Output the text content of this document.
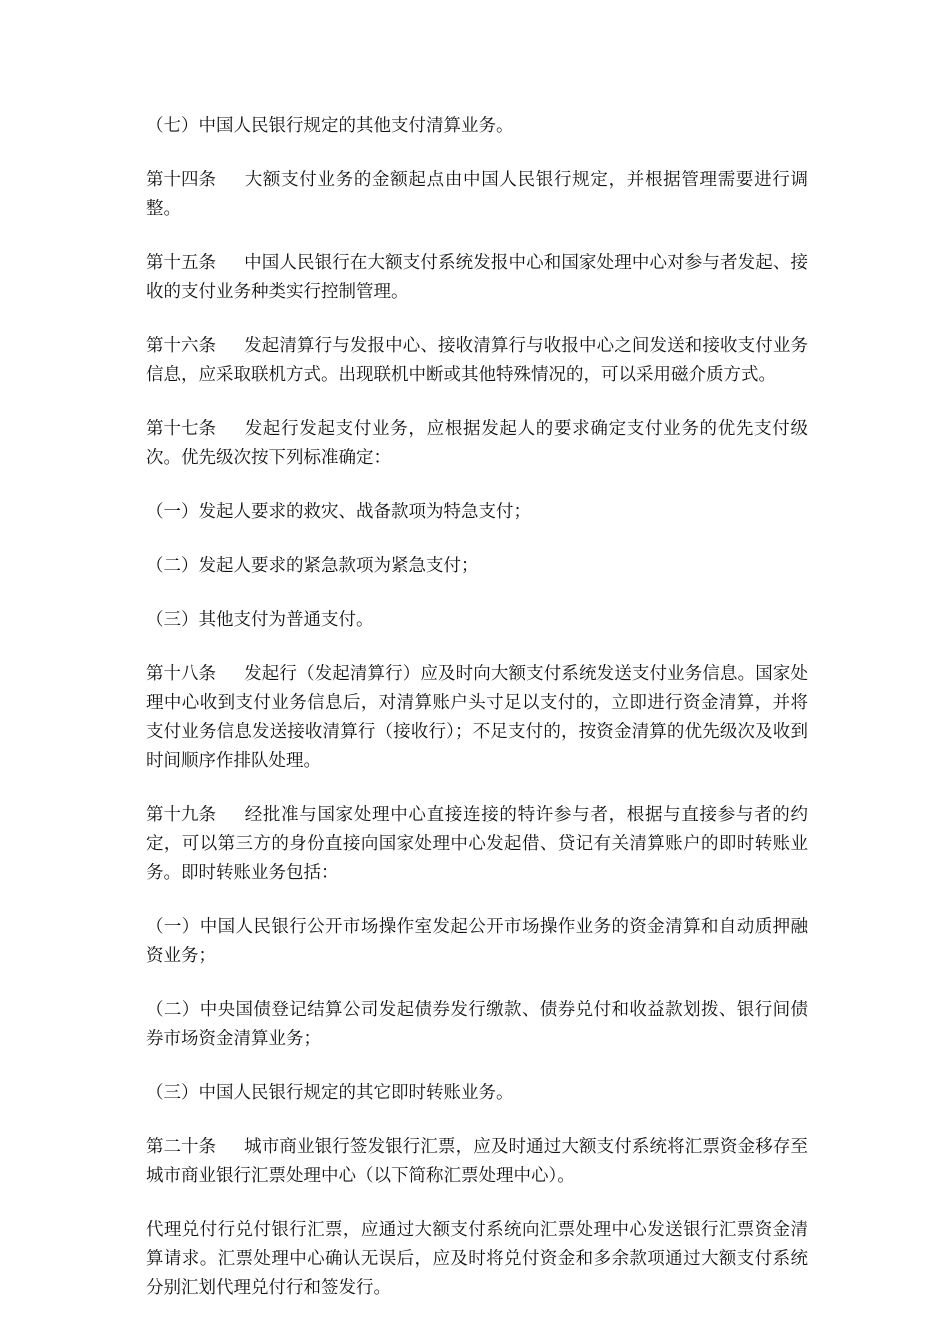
（七）中国人民银行规定的其他支付清算业务。

第十四条 大额支付业务的金额起点由中国人民银行规定，并根据管理需要进行调整。

第十五条 中国人民银行在大额支付系统发报中心和国家处理中心对参与者发起、接收的支付业务种类实行控制管理。

第十六条 发起清算行与发报中心、接收清算行与收报中心之间发送和接收支付业务信息，应采取联机方式。出现联机中断或其他特殊情况的，可以采用磁介质方式。

第十七条 发起行发起支付业务，应根据发起人的要求确定支付业务的优先支付级次。优先级次按下列标准确定：

（一）发起人要求的救灾、战备款项为特急支付；

（二）发起人要求的紧急款项为紧急支付；

（三）其他支付为普通支付。

第十八条 发起行（发起清算行）应及时向大额支付系统发送支付业务信息。国家处理中心收到支付业务信息后，对清算账户头寸足以支付的，立即进行资金清算，并将支付业务信息发送接收清算行（接收行）；不足支付的，按资金清算的优先级次及收到时间顺序作排队处理。

第十九条 经批准与国家处理中心直接连接的特许参与者，根据与直接参与者的约定，可以第三方的身份直接向国家处理中心发起借、贷记有关清算账户的即时转账业务。即时转账业务包括：

（一）中国人民银行公开市场操作室发起公开市场操作业务的资金清算和自动质押融资业务；

（二）中央国债登记结算公司发起债券发行缴款、债券兑付和收益款划拨、银行间债券市场资金清算业务；

（三）中国人民银行规定的其它即时转账业务。

第二十条 城市商业银行签发银行汇票，应及时通过大额支付系统将汇票资金移存至城市商业银行汇票处理中心（以下简称汇票处理中心）。

代理兑付行兑付银行汇票，应通过大额支付系统向汇票处理中心发送银行汇票资金清算请求。汇票处理中心确认无误后，应及时将兑付资金和多余款项通过大额支付系统分别汇划代理兑付行和签发行。
